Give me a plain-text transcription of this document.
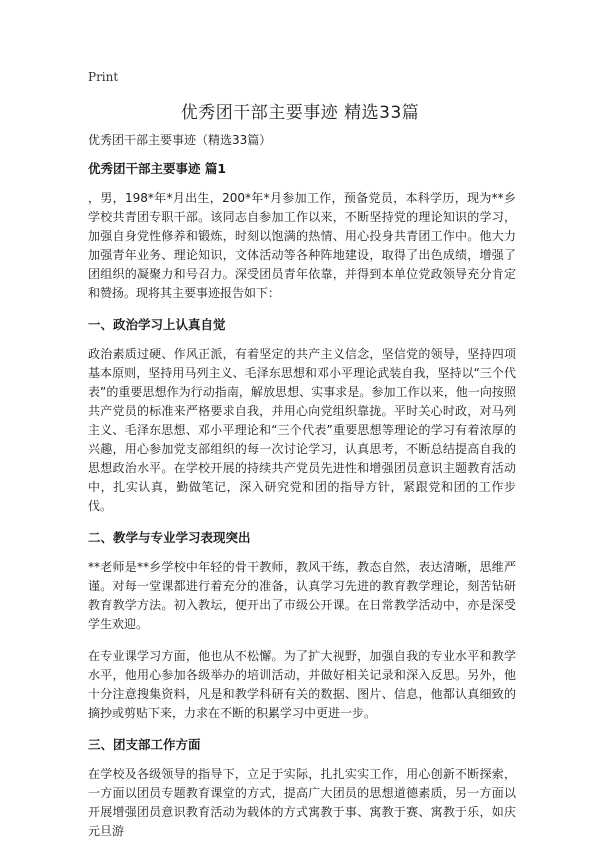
Print
优秀团干部主要事迹 精选33篇

优秀团干部主要事迹（精选33篇）

优秀团干部主要事迹 篇1

，男，198*年*月出生，200*年*月参加工作，预备党员，本科学历，现为**乡学校共青团专职干部。该同志自参加工作以来，不断坚持党的理论知识的学习，加强自身党性修养和锻炼，时刻以饱满的热情、用心投身共青团工作中。他大力加强青年业务、理论知识，文体活动等各种阵地建设，取得了出色成绩，增强了团组织的凝聚力和号召力。深受团员青年依靠，并得到本单位党政领导充分肯定和赞扬。现将其主要事迹报告如下：

一、政治学习上认真自觉

政治素质过硬、作风正派，有着坚定的共产主义信念，坚信党的领导，坚持四项基本原则，坚持用马列主义、毛泽东思想和邓小平理论武装自我，坚持以“三个代表”的重要思想作为行动指南，解放思想、实事求是。参加工作以来，他一向按照共产党员的标准来严格要求自我，并用心向党组织靠拢。平时关心时政，对马列主义、毛泽东思想、邓小平理论和“三个代表”重要思想等理论的学习有着浓厚的兴趣，用心参加党支部组织的每一次讨论学习，认真思考，不断总结提高自我的思想政治水平。在学校开展的持续共产党员先进性和增强团员意识主题教育活动中，扎实认真，勤做笔记，深入研究党和团的指导方针，紧跟党和团的工作步伐。

二、教学与专业学习表现突出

**老师是**乡学校中年轻的骨干教师，教风干练，教态自然，表达清晰，思维严谨。对每一堂课都进行着充分的准备，认真学习先进的教育教学理论，刻苦钻研教育教学方法。初入教坛，便开出了市级公开课。在日常教学活动中，亦是深受学生欢迎。

在专业课学习方面，他也从不松懈。为了扩大视野，加强自我的专业水平和教学水平，他用心参加各级举办的培训活动，并做好相关记录和深入反思。另外，他十分注意搜集资料，凡是和教学科研有关的数据、图片、信息，他都认真细致的摘抄或剪贴下来，力求在不断的积累学习中更进一步。

三、团支部工作方面

在学校及各级领导的指导下，立足于实际，扎扎实实工作，用心创新不断探索，一方面以团员专题教育课堂的方式，提高广大团员的思想道德素质，另一方面以开展增强团员意识教育活动为载体的方式寓教于事、寓教于赛、寓教于乐，如庆元旦游
